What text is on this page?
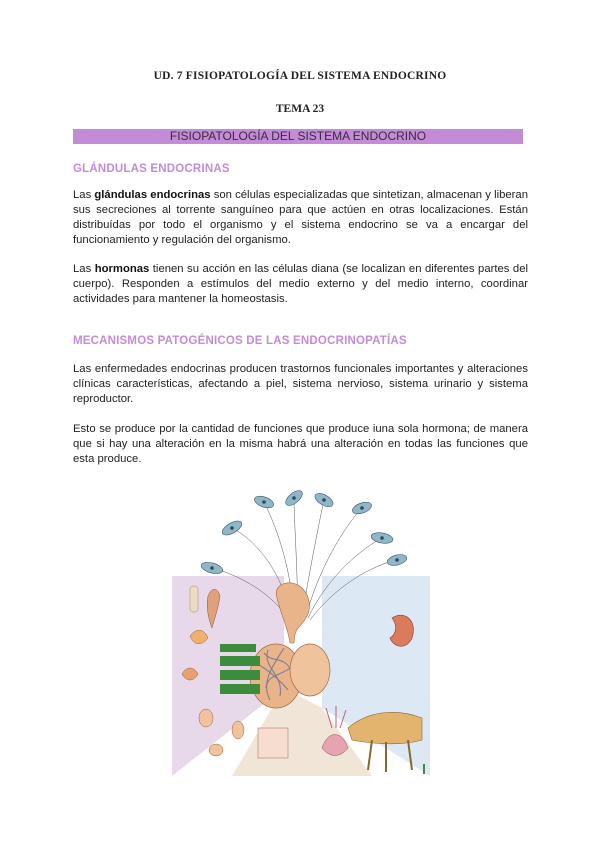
UD. 7 FISIOPATOLOGÍA DEL SISTEMA ENDOCRINO
TEMA 23
FISIOPATOLOGÍA DEL SISTEMA ENDOCRINO
GLÁNDULAS ENDOCRINAS
Las glándulas endocrinas son células especializadas que sintetizan, almacenan y liberan sus secreciones al torrente sanguíneo para que actúen en otras localizaciones. Están distribuídas por todo el organismo y el sistema endocrino se va a encargar del funcionamiento y regulación del organismo.
Las hormonas tienen su acción en las células diana (se localizan en diferentes partes del cuerpo). Responden a estímulos del medio externo y del medio interno, coordinar actividades para mantener la homeostasis.
MECANISMOS PATOGÉNICOS DE LAS ENDOCRINOPATÍAS
Las enfermedades endocrinas producen trastornos funcionales importantes y alteraciones clínicas características, afectando a piel, sistema nervioso, sistema urinario y sistema reproductor.
Esto se produce por la cantidad de funciones que produce iuna sola hormona; de manera que si hay una alteración en la misma habrá una alteración en todas las funciones que esta produce.
